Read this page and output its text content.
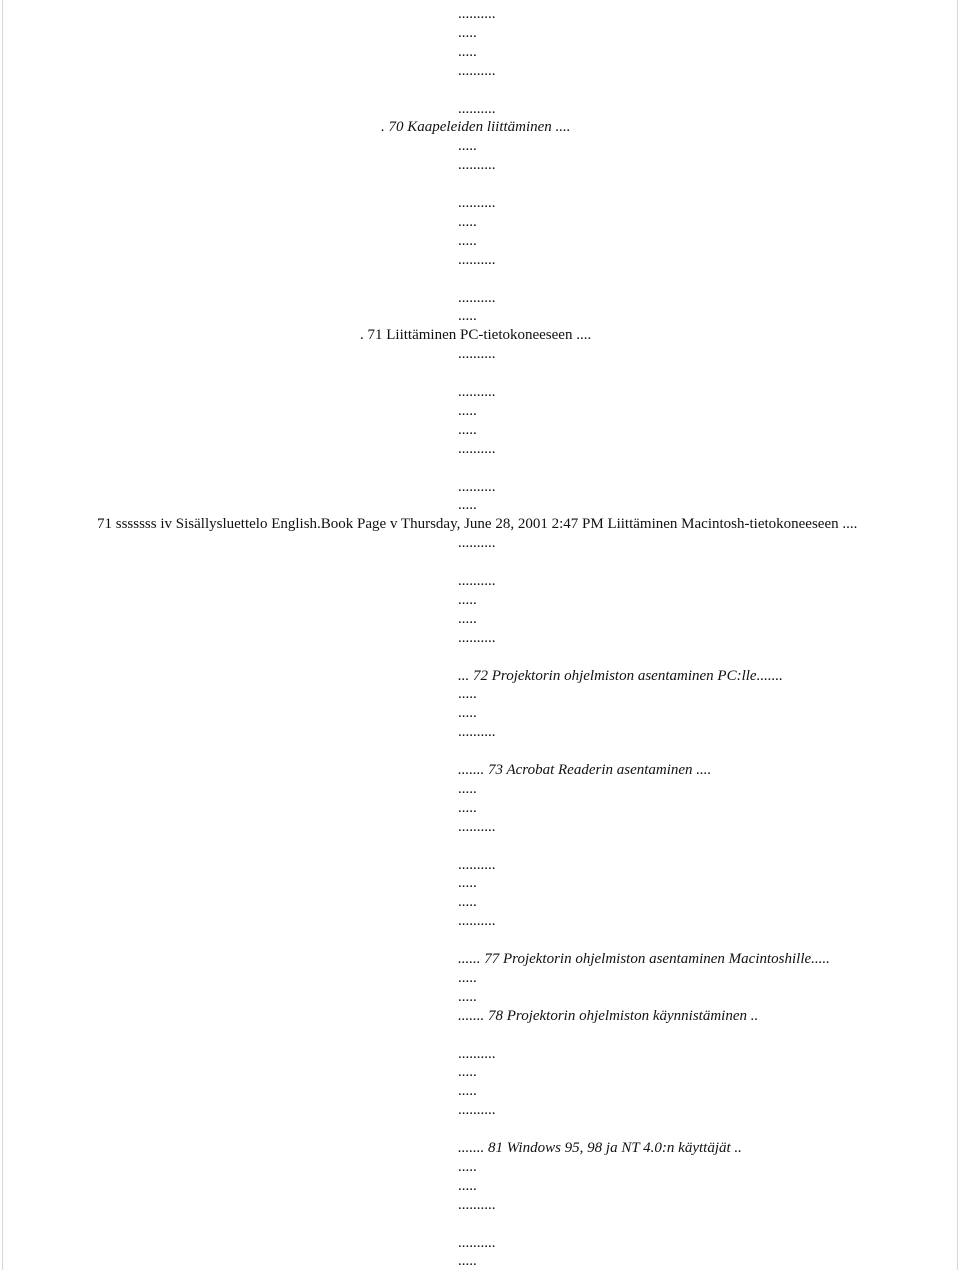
..........
.....
.....
..........
..........
. 70 Kaapeleiden liittäminen ....
.....
..........
..........
.....
.....
..........
..........
.....
. 71 Liittäminen PC-tietokoneeseen ....
..........
..........
.....
.....
..........
..........
.....
71 sssssss iv Sisällysluettelo English.Book Page v Thursday, June 28, 2001 2:47 PM Liittäminen Macintosh-tietokoneeseen ....
..........
..........
.....
.....
..........
... 72 Projektorin ohjelmiston asentaminen PC:lle.......
.....
.....
..........
....... 73 Acrobat Readerin asentaminen ....
.....
.....
..........
..........
.....
.....
..........
...... 77 Projektorin ohjelmiston asentaminen Macintoshille.....
.....
.....
....... 78 Projektorin ohjelmiston käynnistäminen ..
..........
.....
.....
..........
....... 81 Windows 95, 98 ja NT 4.0:n käyttäjät ..
.....
.....
..........
..........
.....
